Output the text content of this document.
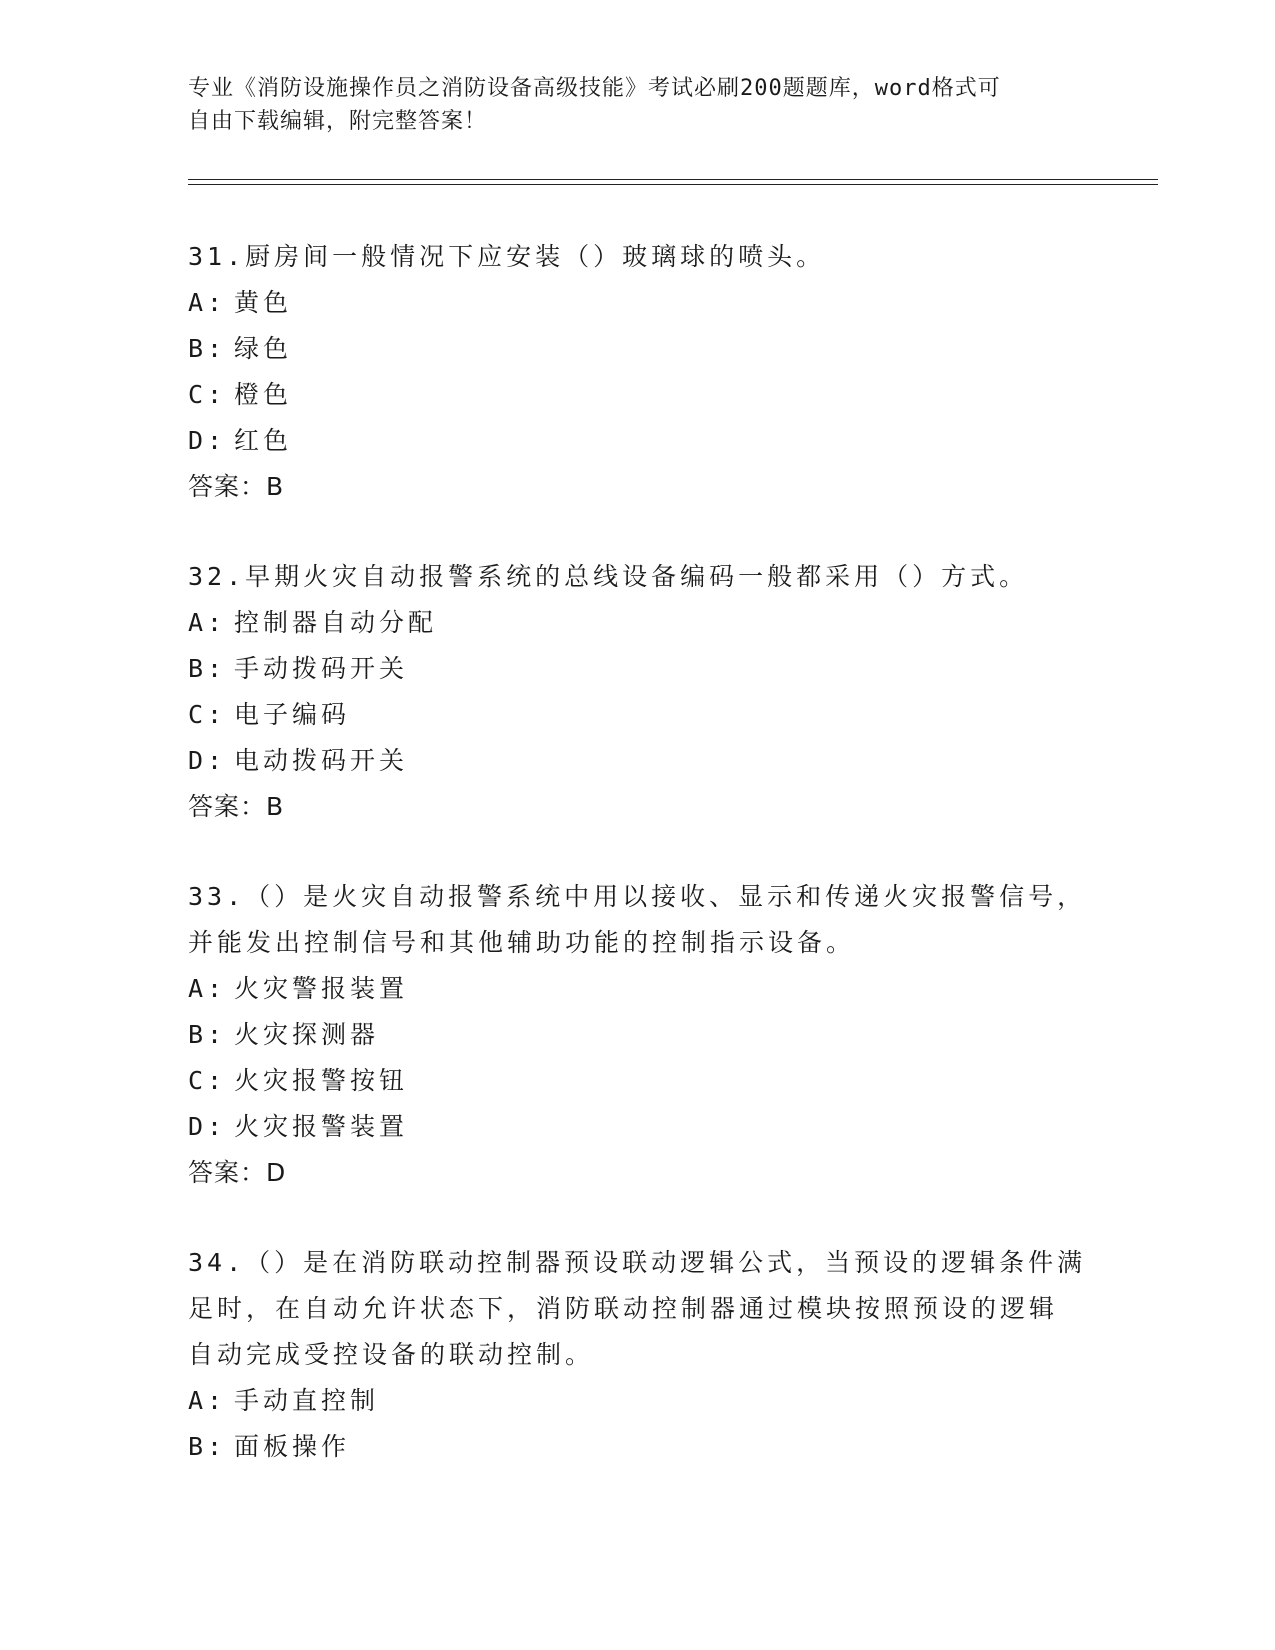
专业《消防设施操作员之消防设备高级技能》考试必刷200题题库，word格式可
自由下载编辑，附完整答案！

31.厨房间一般情况下应安装（）玻璃球的喷头。

A: 黄色

B: 绿色

C: 橙色

D: 红色

答案：B

32.早期火灾自动报警系统的总线设备编码一般都采用（）方式。

A: 控制器自动分配

B: 手动拨码开关

C: 电子编码

D: 电动拨码开关

答案：B

33.（）是火灾自动报警系统中用以接收、显示和传递火灾报警信号，

并能发出控制信号和其他辅助功能的控制指示设备。

A: 火灾警报装置

B: 火灾探测器

C: 火灾报警按钮

D: 火灾报警装置

答案：D

34.（）是在消防联动控制器预设联动逻辑公式，当预设的逻辑条件满

足时，在自动允许状态下，消防联动控制器通过模块按照预设的逻辑

自动完成受控设备的联动控制。

A: 手动直控制

B: 面板操作
